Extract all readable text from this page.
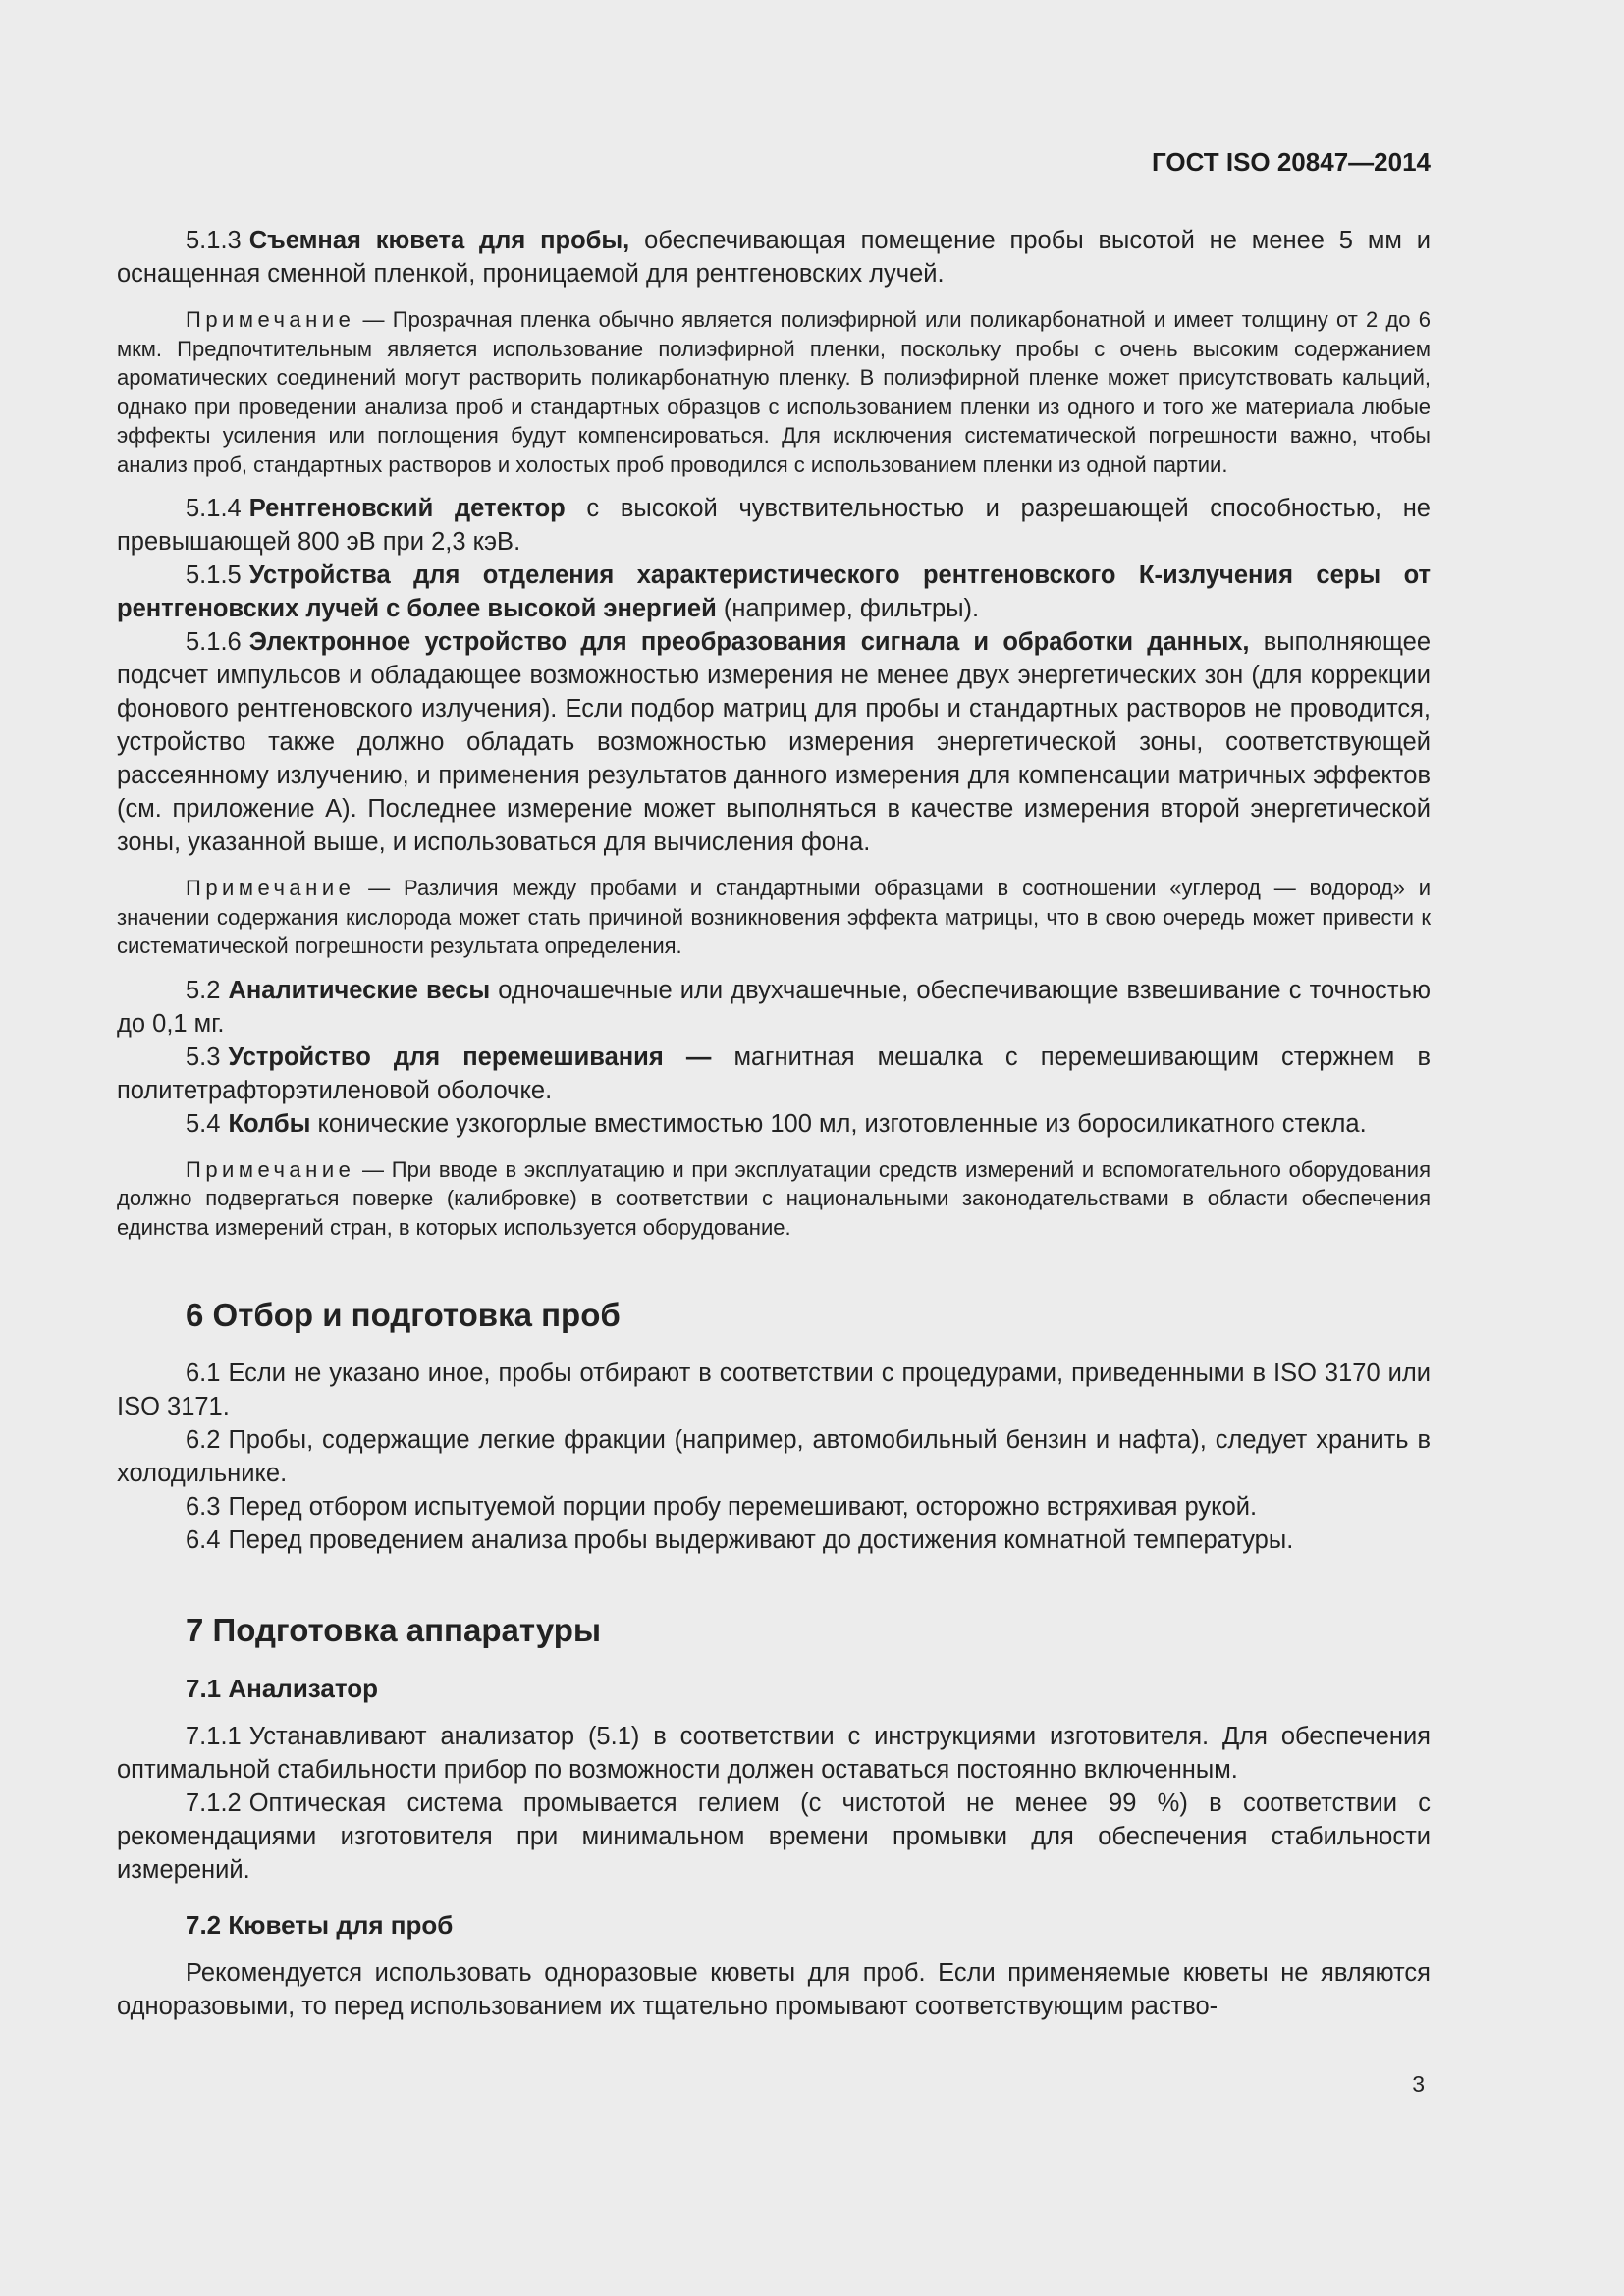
ГОСТ ISO 20847—2014

5.1.3 Съемная кювета для пробы, обеспечивающая помещение пробы высотой не менее 5 мм и оснащенная сменной пленкой, проницаемой для рентгеновских лучей.

Примечание — Прозрачная пленка обычно является полиэфирной или поликарбонатной и имеет толщину от 2 до 6 мкм. Предпочтительным является использование полиэфирной пленки, поскольку пробы с очень высоким содержанием ароматических соединений могут растворить поликарбонатную пленку. В полиэфирной пленке может присутствовать кальций, однако при проведении анализа проб и стандартных образцов с использованием пленки из одного и того же материала любые эффекты усиления или поглощения будут компенсироваться. Для исключения систематической погрешности важно, чтобы анализ проб, стандартных растворов и холостых проб проводился с использованием пленки из одной партии.

5.1.4 Рентгеновский детектор с высокой чувствительностью и разрешающей способностью, не превышающей 800 эВ при 2,3 кэВ.

5.1.5 Устройства для отделения характеристического рентгеновского К-излучения серы от рентгеновских лучей с более высокой энергией (например, фильтры).

5.1.6 Электронное устройство для преобразования сигнала и обработки данных, выполняющее подсчет импульсов и обладающее возможностью измерения не менее двух энергетических зон (для коррекции фонового рентгеновского излучения). Если подбор матриц для пробы и стандартных растворов не проводится, устройство также должно обладать возможностью измерения энергетической зоны, соответствующей рассеянному излучению, и применения результатов данного измерения для компенсации матричных эффектов (см. приложение А). Последнее измерение может выполняться в качестве измерения второй энергетической зоны, указанной выше, и использоваться для вычисления фона.

Примечание — Различия между пробами и стандартными образцами в соотношении «углерод — водород» и значении содержания кислорода может стать причиной возникновения эффекта матрицы, что в свою очередь может привести к систематической погрешности результата определения.

5.2 Аналитические весы одночашечные или двухчашечные, обеспечивающие взвешивание с точностью до 0,1 мг.

5.3 Устройство для перемешивания — магнитная мешалка с перемешивающим стержнем в политетрафторэтиленовой оболочке.

5.4 Колбы конические узкогорлые вместимостью 100 мл, изготовленные из боросиликатного стекла.

Примечание — При вводе в эксплуатацию и при эксплуатации средств измерений и вспомогательного оборудования должно подвергаться поверке (калибровке) в соответствии с национальными законодательствами в области обеспечения единства измерений стран, в которых используется оборудование.

6 Отбор и подготовка проб

6.1 Если не указано иное, пробы отбирают в соответствии с процедурами, приведенными в ISO 3170 или ISO 3171.

6.2 Пробы, содержащие легкие фракции (например, автомобильный бензин и нафта), следует хранить в холодильнике.

6.3 Перед отбором испытуемой порции пробу перемешивают, осторожно встряхивая рукой.

6.4 Перед проведением анализа пробы выдерживают до достижения комнатной температуры.

7 Подготовка аппаратуры
7.1 Анализатор

7.1.1 Устанавливают анализатор (5.1) в соответствии с инструкциями изготовителя. Для обеспечения оптимальной стабильности прибор по возможности должен оставаться постоянно включенным.

7.1.2 Оптическая система промывается гелием (с чистотой не менее 99 %) в соответствии с рекомендациями изготовителя при минимальном времени промывки для обеспечения стабильности измерений.

7.2 Кюветы для проб

Рекомендуется использовать одноразовые кюветы для проб. Если применяемые кюветы не являются одноразовыми, то перед использованием их тщательно промывают соответствующим раство-

3
